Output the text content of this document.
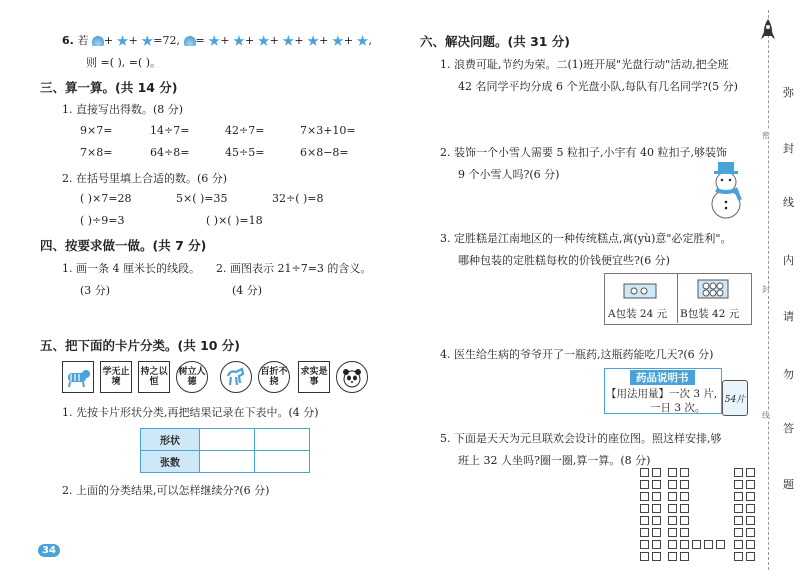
6. 若 + + =72, = + + + + + + ,
则 =( ), =( )。
三、算一算。(共 14 分)
1. 直接写出得数。(8 分)
9×7=	14÷7=	42÷7=	7×3+10=
7×8=	64÷8=	45÷5=	6×8−8=
2. 在括号里填上合适的数。(6 分)
( )×7=28	5×( )=35	32÷( )=8
( )÷9=3	( )×( )=18
四、按要求做一做。(共 7 分)
1. 画一条 4 厘米长的线段。
(3 分)
2. 画图表示 21÷7=3 的含义。
(4 分)
五、把下面的卡片分类。(共 10 分)
学无止境
持之以恒
树立人德
百折不挠
求实是事
1. 先按卡片形状分类,再把结果记录在下表中。(4 分)
形状		
张数		
2. 上面的分类结果,可以怎样继续分?(6 分)
34
六、解决问题。(共 31 分)
1. 浪费可耻,节约为荣。二(1)班开展"光盘行动"活动,把全班
42 名同学平均分成 6 个光盘小队,每队有几名同学?(5 分)
2. 装饰一个小雪人需要 5 粒扣子,小宇有 40 粒扣子,够装饰
9 个小雪人吗?(6 分)
3. 定胜糕是江南地区的一种传统糕点,寓(yù)意"必定胜利"。
哪种包装的定胜糕每枚的价钱便宜些?(6 分)
A包装 24 元 B包装 42 元
4. 医生给生病的爷爷开了一瓶药,这瓶药能吃几天?(6 分)
药品说明书
【用法用量】一次 3 片,
一日 3 次。
54片
5. 下面是天天为元旦联欢会设计的座位图。照这样安排,够
班上 32 人坐吗?圈一圈,算一算。(8 分)
弥
封
线
内
请
勿
答
题
密
封
线
